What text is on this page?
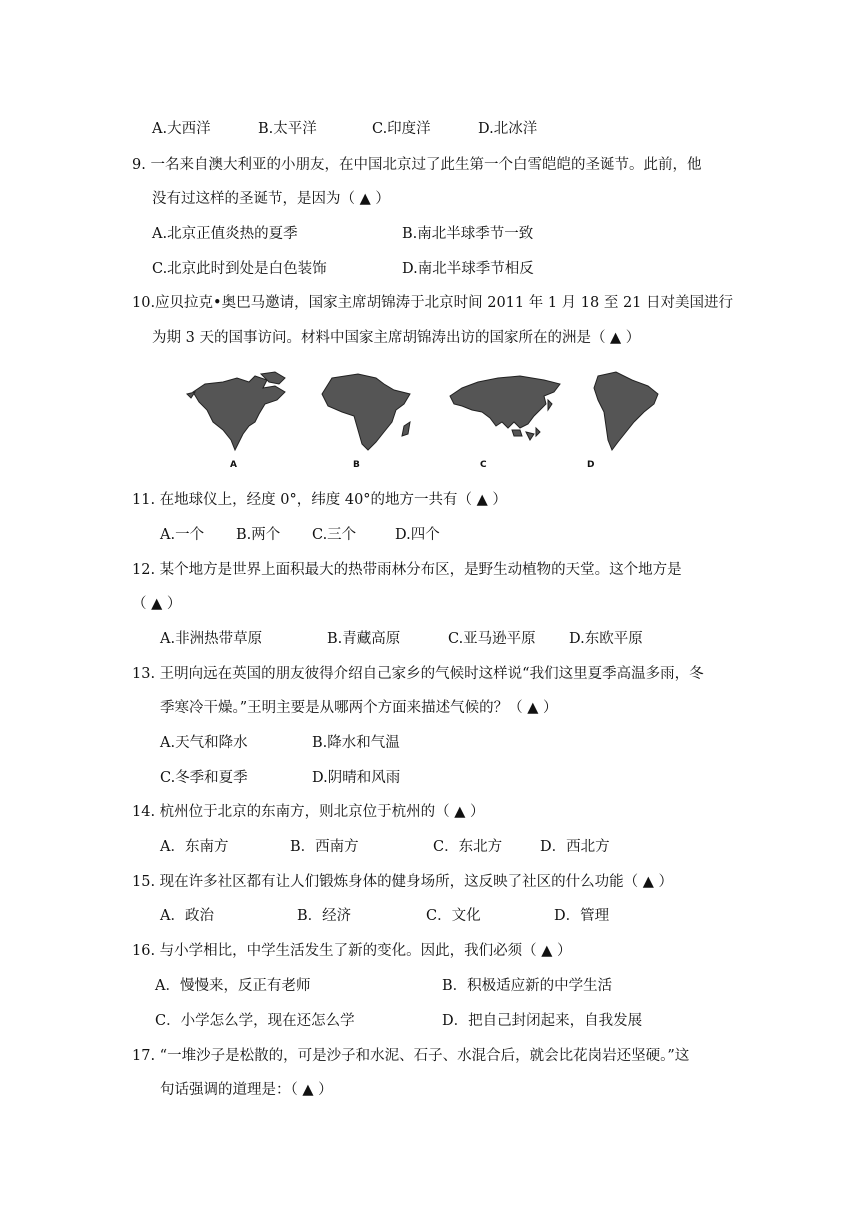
A.大西洋	B.太平洋	C.印度洋	D.北冰洋
9. 一名来自澳大利亚的小朋友，在中国北京过了此生第一个白雪皑皑的圣诞节。此前，他
没有过这样的圣诞节，是因为（ ▲ ）
A.北京正值炎热的夏季	B.南北半球季节一致
C.北京此时到处是白色装饰	D.南北半球季节相反
10.应贝拉克•奥巴马邀请，国家主席胡锦涛于北京时间 2011 年 1 月 18 至 21 日对美国进行
为期 3 天的国事访问。材料中国家主席胡锦涛出访的国家所在的洲是（ ▲ ）
A	B	C	D
11. 在地球仪上，经度 0°，纬度 40°的地方一共有（ ▲ ）
A.一个 B.两个 C.三个	D.四个
12. 某个地方是世界上面积最大的热带雨林分布区，是野生动植物的天堂。这个地方是
（ ▲ ）
A.非洲热带草原	B.青藏高原	C.亚马逊平原 D.东欧平原
13. 王明向远在英国的朋友彼得介绍自己家乡的气候时这样说“我们这里夏季高温多雨，冬
季寒冷干燥。”王明主要是从哪两个方面来描述气候的？（ ▲ ）
A.天气和降水	B.降水和气温
C.冬季和夏季	D.阴晴和风雨
14. 杭州位于北京的东南方，则北京位于杭州的（ ▲ ）
A．东南方	B．西南方	C．东北方	D．西北方
15. 现在许多社区都有让人们锻炼身体的健身场所，这反映了社区的什么功能（ ▲ ）
A．政治	B．经济	C．文化	D．管理
16. 与小学相比，中学生活发生了新的变化。因此，我们必须（ ▲ ）
A．慢慢来，反正有老师	B．积极适应新的中学生活
C．小学怎么学，现在还怎么学	D．把自己封闭起来，自我发展
17. “一堆沙子是松散的，可是沙子和水泥、石子、水混合后，就会比花岗岩还坚硬。”这
句话强调的道理是：（ ▲ ）
